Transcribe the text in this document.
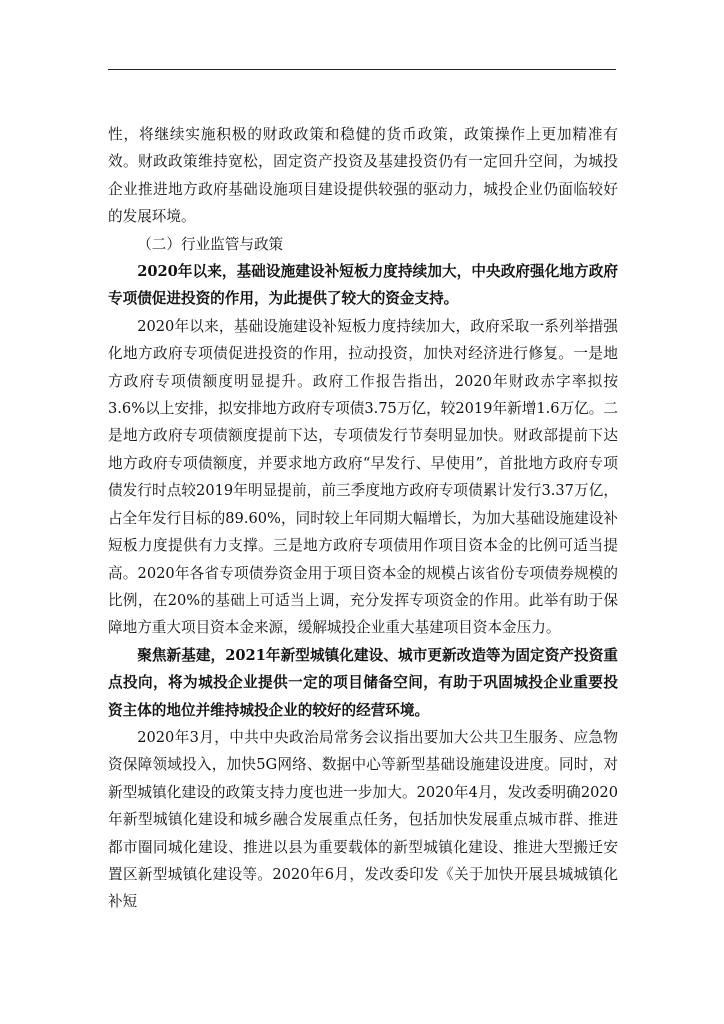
性，将继续实施积极的财政政策和稳健的货币政策，政策操作上更加精准有效。财政政策维持宽松，固定资产投资及基建投资仍有一定回升空间，为城投企业推进地方政府基础设施项目建设提供较强的驱动力，城投企业仍面临较好的发展环境。

（二）行业监管与政策

2020年以来，基础设施建设补短板力度持续加大，中央政府强化地方政府专项债促进投资的作用，为此提供了较大的资金支持。

2020年以来，基础设施建设补短板力度持续加大，政府采取一系列举措强化地方政府专项债促进投资的作用，拉动投资，加快对经济进行修复。一是地方政府专项债额度明显提升。政府工作报告指出，2020年财政赤字率拟按3.6%以上安排，拟安排地方政府专项债3.75万亿，较2019年新增1.6万亿。二是地方政府专项债额度提前下达，专项债发行节奏明显加快。财政部提前下达地方政府专项债额度，并要求地方政府“早发行、早使用”，首批地方政府专项债发行时点较2019年明显提前，前三季度地方政府专项债累计发行3.37万亿，占全年发行目标的89.60%，同时较上年同期大幅增长，为加大基础设施建设补短板力度提供有力支撑。三是地方政府专项债用作项目资本金的比例可适当提高。2020年各省专项债券资金用于项目资本金的规模占该省份专项债券规模的比例，在20%的基础上可适当上调，充分发挥专项资金的作用。此举有助于保障地方重大项目资本金来源，缓解城投企业重大基建项目资本金压力。

聚焦新基建，2021年新型城镇化建设、城市更新改造等为固定资产投资重点投向，将为城投企业提供一定的项目储备空间，有助于巩固城投企业重要投资主体的地位并维持城投企业的较好的经营环境。

2020年3月，中共中央政治局常务会议指出要加大公共卫生服务、应急物资保障领域投入，加快5G网络、数据中心等新型基础设施建设进度。同时，对新型城镇化建设的政策支持力度也进一步加大。2020年4月，发改委明确2020年新型城镇化建设和城乡融合发展重点任务，包括加快发展重点城市群、推进都市圈同城化建设、推进以县为重要载体的新型城镇化建设、推进大型搬迁安置区新型城镇化建设等。2020年6月，发改委印发《关于加快开展县城城镇化补短
